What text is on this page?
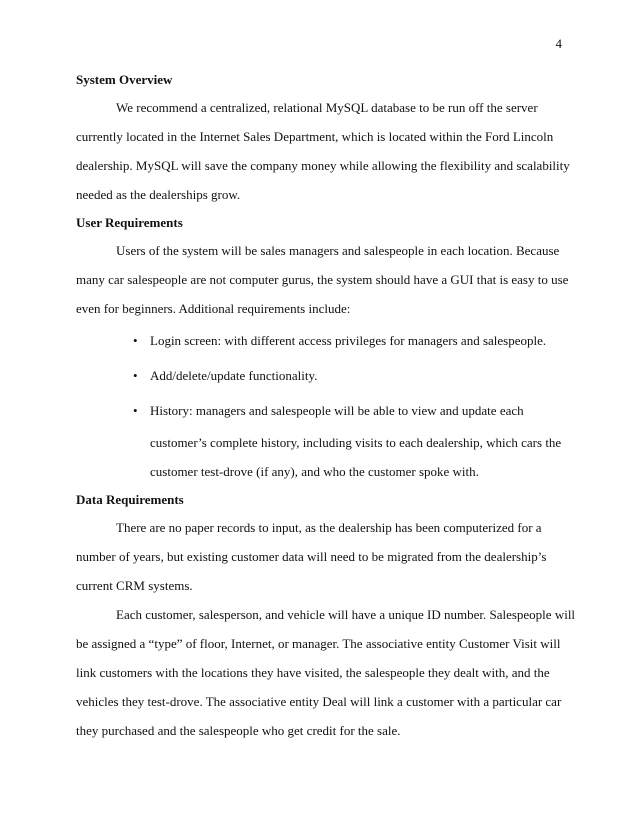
4
System Overview
We recommend a centralized, relational MySQL database to be run off the server
currently located in the Internet Sales Department, which is located within the Ford Lincoln
dealership. MySQL will save the company money while allowing the flexibility and scalability
needed as the dealerships grow.
User Requirements
Users of the system will be sales managers and salespeople in each location. Because
many car salespeople are not computer gurus, the system should have a GUI that is easy to use
even for beginners. Additional requirements include:
• Login screen: with different access privileges for managers and salespeople.
• Add/delete/update functionality.
• History: managers and salespeople will be able to view and update each
customer’s complete history, including visits to each dealership, which cars the
customer test-drove (if any), and who the customer spoke with.
Data Requirements
There are no paper records to input, as the dealership has been computerized for a
number of years, but existing customer data will need to be migrated from the dealership’s
current CRM systems.
Each customer, salesperson, and vehicle will have a unique ID number. Salespeople will
be assigned a “type” of floor, Internet, or manager. The associative entity Customer Visit will
link customers with the locations they have visited, the salespeople they dealt with, and the
vehicles they test-drove. The associative entity Deal will link a customer with a particular car
they purchased and the salespeople who get credit for the sale.
